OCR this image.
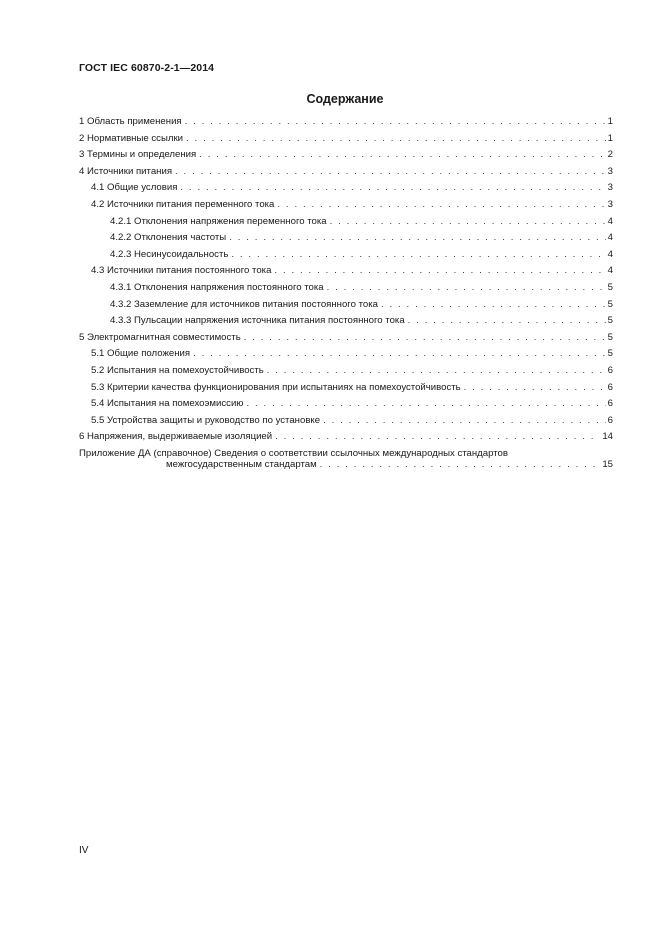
ГОСТ IEC 60870-2-1—2014
Содержание
1 Область применения . . .	1
2 Нормативные ссылки . . .	1
3 Термины и определения . . .	2
4 Источники питания . . .	3
4.1 Общие условия . . .	3
4.2 Источники питания переменного тока . . .	3
4.2.1 Отклонения напряжения переменного тока . . .	4
4.2.2 Отклонения частоты . . .	4
4.2.3 Несинусоидальность . . .	4
4.3 Источники питания постоянного тока . . .	4
4.3.1 Отклонения напряжения постоянного тока . . .	5
4.3.2 Заземление для источников питания постоянного тока . . .	5
4.3.3 Пульсации напряжения источника питания постоянного тока . . .	5
5 Электромагнитная совместимость . . .	5
5.1 Общие положения . . .	5
5.2 Испытания на помехоустойчивость . . .	6
5.3 Критерии качества функционирования при испытаниях на помехоустойчивость . . .	6
5.4 Испытания на помехоэмиссию . . .	6
5.5 Устройства защиты и руководство по установке . . .	6
6 Напряжения, выдерживаемые изоляцией . . .	14
Приложение ДА (справочное) Сведения о соответствии ссылочных международных стандартов
межгосударственным стандартам . . .	15
IV
